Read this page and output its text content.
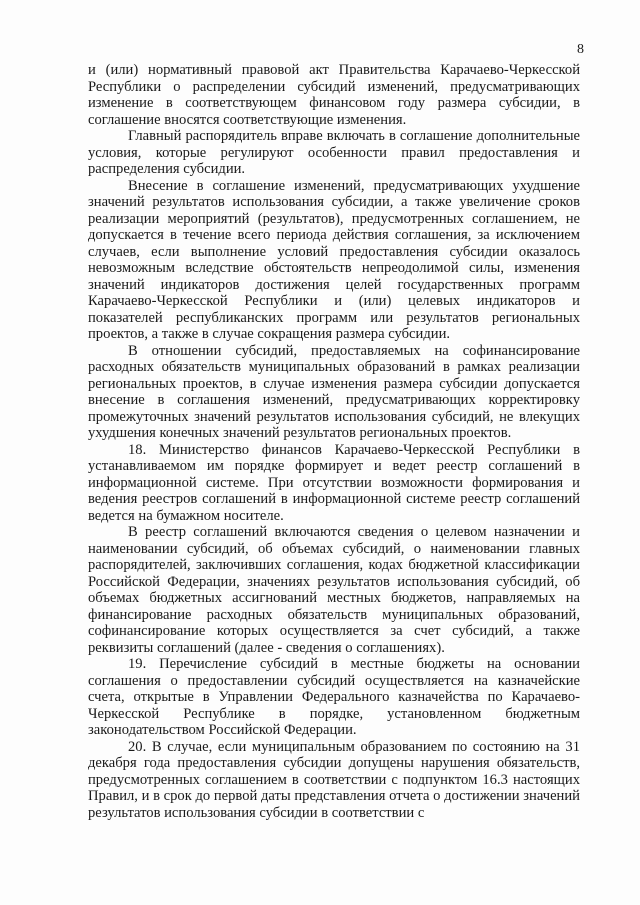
8

и (или) нормативный правовой акт Правительства Карачаево-Черкесской Республики о распределении субсидий изменений, предусматривающих изменение в соответствующем финансовом году размера субсидии, в соглашение вносятся соответствующие изменения.

Главный распорядитель вправе включать в соглашение дополнительные условия, которые регулируют особенности правил предоставления и распределения субсидии.

Внесение в соглашение изменений, предусматривающих ухудшение значений результатов использования субсидии, а также увеличение сроков реализации мероприятий (результатов), предусмотренных соглашением, не допускается в течение всего периода действия соглашения, за исключением случаев, если выполнение условий предоставления субсидии оказалось невозможным вследствие обстоятельств непреодолимой силы, изменения значений индикаторов достижения целей государственных программ Карачаево-Черкесской Республики и (или) целевых индикаторов и показателей республиканских программ или результатов региональных проектов, а также в случае сокращения размера субсидии.

В отношении субсидий, предоставляемых на софинансирование расходных обязательств муниципальных образований в рамках реализации региональных проектов, в случае изменения размера субсидии допускается внесение в соглашения изменений, предусматривающих корректировку промежуточных значений результатов использования субсидий, не влекущих ухудшения конечных значений результатов региональных проектов.

18. Министерство финансов Карачаево-Черкесской Республики в устанавливаемом им порядке формирует и ведет реестр соглашений в информационной системе. При отсутствии возможности формирования и ведения реестров соглашений в информационной системе реестр соглашений ведется на бумажном носителе.

В реестр соглашений включаются сведения о целевом назначении и наименовании субсидий, об объемах субсидий, о наименовании главных распорядителей, заключивших соглашения, кодах бюджетной классификации Российской Федерации, значениях результатов использования субсидий, об объемах бюджетных ассигнований местных бюджетов, направляемых на финансирование расходных обязательств муниципальных образований, софинансирование которых осуществляется за счет субсидий, а также реквизиты соглашений (далее - сведения о соглашениях).

19. Перечисление субсидий в местные бюджеты на основании соглашения о предоставлении субсидий осуществляется на казначейские счета, открытые в Управлении Федерального казначейства по Карачаево-Черкесской Республике в порядке, установленном бюджетным законодательством Российской Федерации.

20. В случае, если муниципальным образованием по состоянию на 31 декабря года предоставления субсидии допущены нарушения обязательств, предусмотренных соглашением в соответствии с подпунктом 16.3 настоящих Правил, и в срок до первой даты представления отчета о достижении значений результатов использования субсидии в соответствии с
